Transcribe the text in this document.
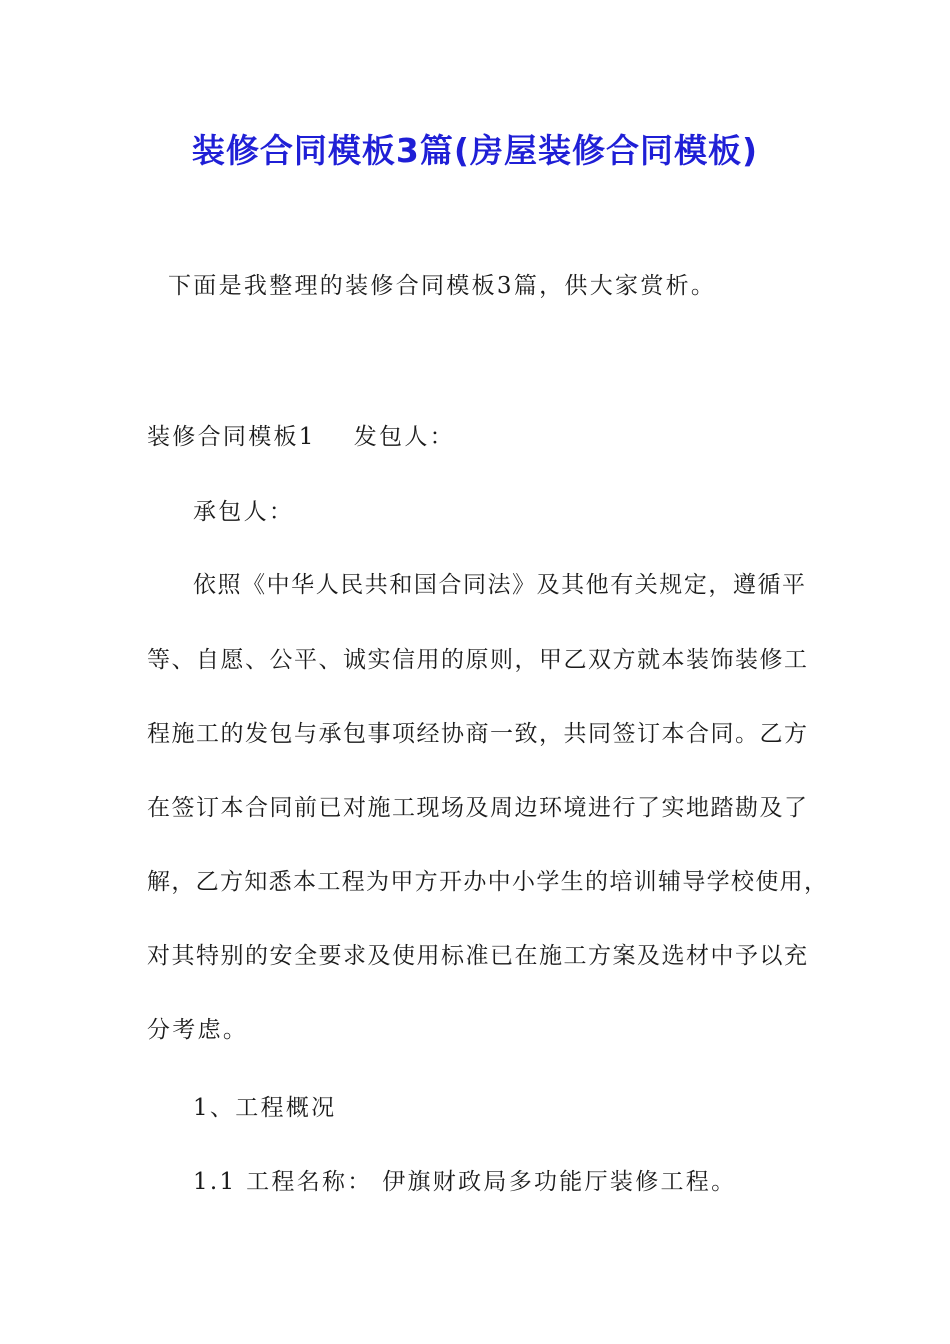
装修合同模板3篇(房屋装修合同模板)
下面是我整理的装修合同模板3篇，供大家赏析。
装修合同模板1 发包人：
承包人：
依照《中华人民共和国合同法》及其他有关规定，遵循平
等、自愿、公平、诚实信用的原则，甲乙双方就本装饰装修工
程施工的发包与承包事项经协商一致，共同签订本合同。乙方
在签订本合同前已对施工现场及周边环境进行了实地踏勘及了
解，乙方知悉本工程为甲方开办中小学生的培训辅导学校使用，
对其特别的安全要求及使用标准已在施工方案及选材中予以充
分考虑。
1、工程概况
1.1 工程名称： 伊旗财政局多功能厅装修工程。
